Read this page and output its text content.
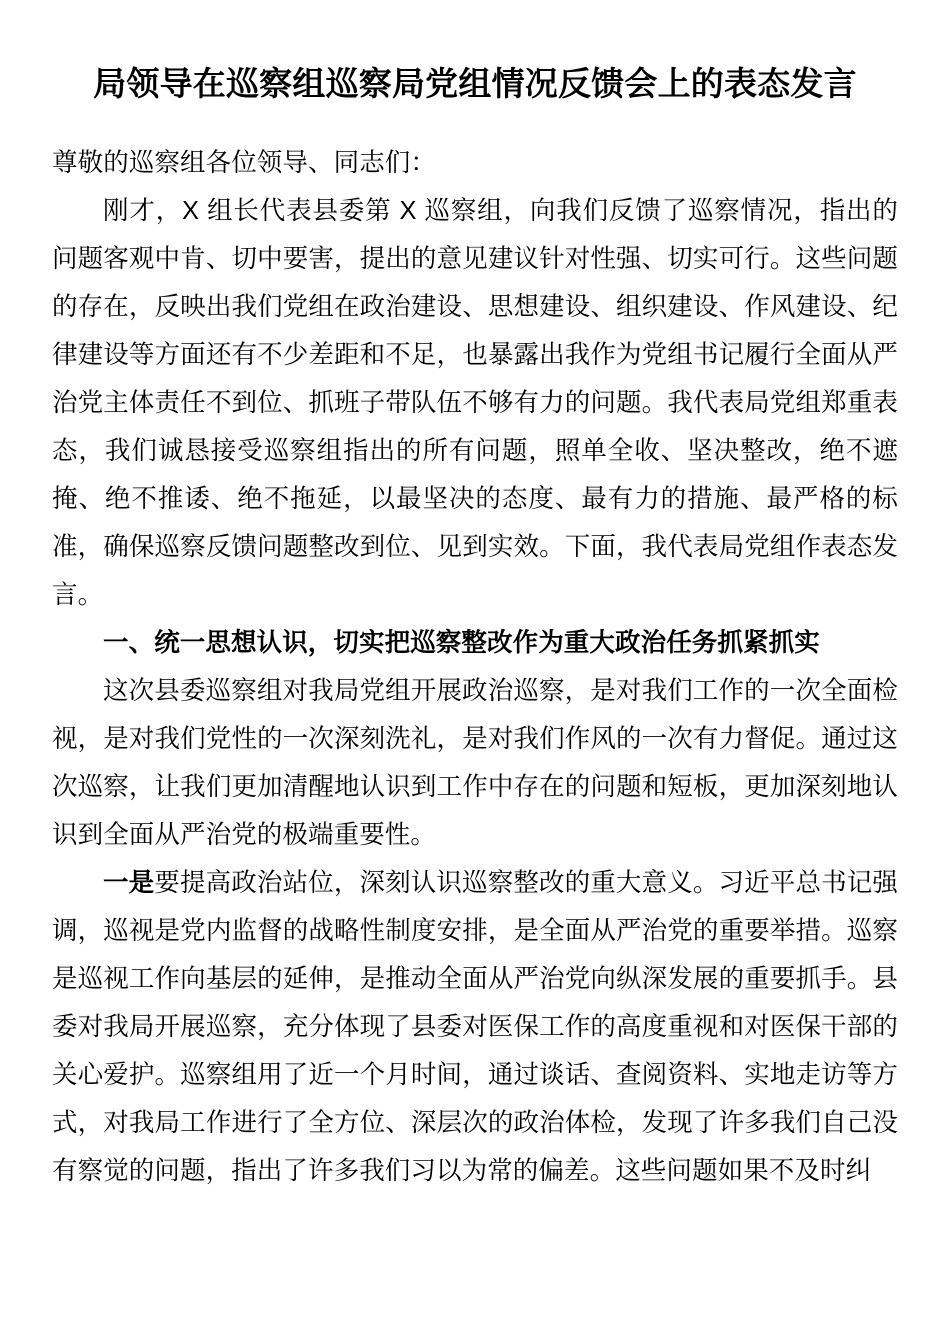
局领导在巡察组巡察局党组情况反馈会上的表态发言

尊敬的巡察组各位领导、同志们：

刚才，X 组长代表县委第 X 巡察组，向我们反馈了巡察情况，指出的问题客观中肯、切中要害，提出的意见建议针对性强、切实可行。这些问题的存在，反映出我们党组在政治建设、思想建设、组织建设、作风建设、纪律建设等方面还有不少差距和不足，也暴露出我作为党组书记履行全面从严治党主体责任不到位、抓班子带队伍不够有力的问题。我代表局党组郑重表态，我们诚恳接受巡察组指出的所有问题，照单全收、坚决整改，绝不遮掩、绝不推诿、绝不拖延，以最坚决的态度、最有力的措施、最严格的标准，确保巡察反馈问题整改到位、见到实效。下面，我代表局党组作表态发言。

一、统一思想认识，切实把巡察整改作为重大政治任务抓紧抓实

这次县委巡察组对我局党组开展政治巡察，是对我们工作的一次全面检视，是对我们党性的一次深刻洗礼，是对我们作风的一次有力督促。通过这次巡察，让我们更加清醒地认识到工作中存在的问题和短板，更加深刻地认识到全面从严治党的极端重要性。

一是要提高政治站位，深刻认识巡察整改的重大意义。习近平总书记强调，巡视是党内监督的战略性制度安排，是全面从严治党的重要举措。巡察是巡视工作向基层的延伸，是推动全面从严治党向纵深发展的重要抓手。县委对我局开展巡察，充分体现了县委对医保工作的高度重视和对医保干部的关心爱护。巡察组用了近一个月时间，通过谈话、查阅资料、实地走访等方式，对我局工作进行了全方位、深层次的政治体检，发现了许多我们自己没有察觉的问题，指出了许多我们习以为常的偏差。这些问题如果不及时纠
